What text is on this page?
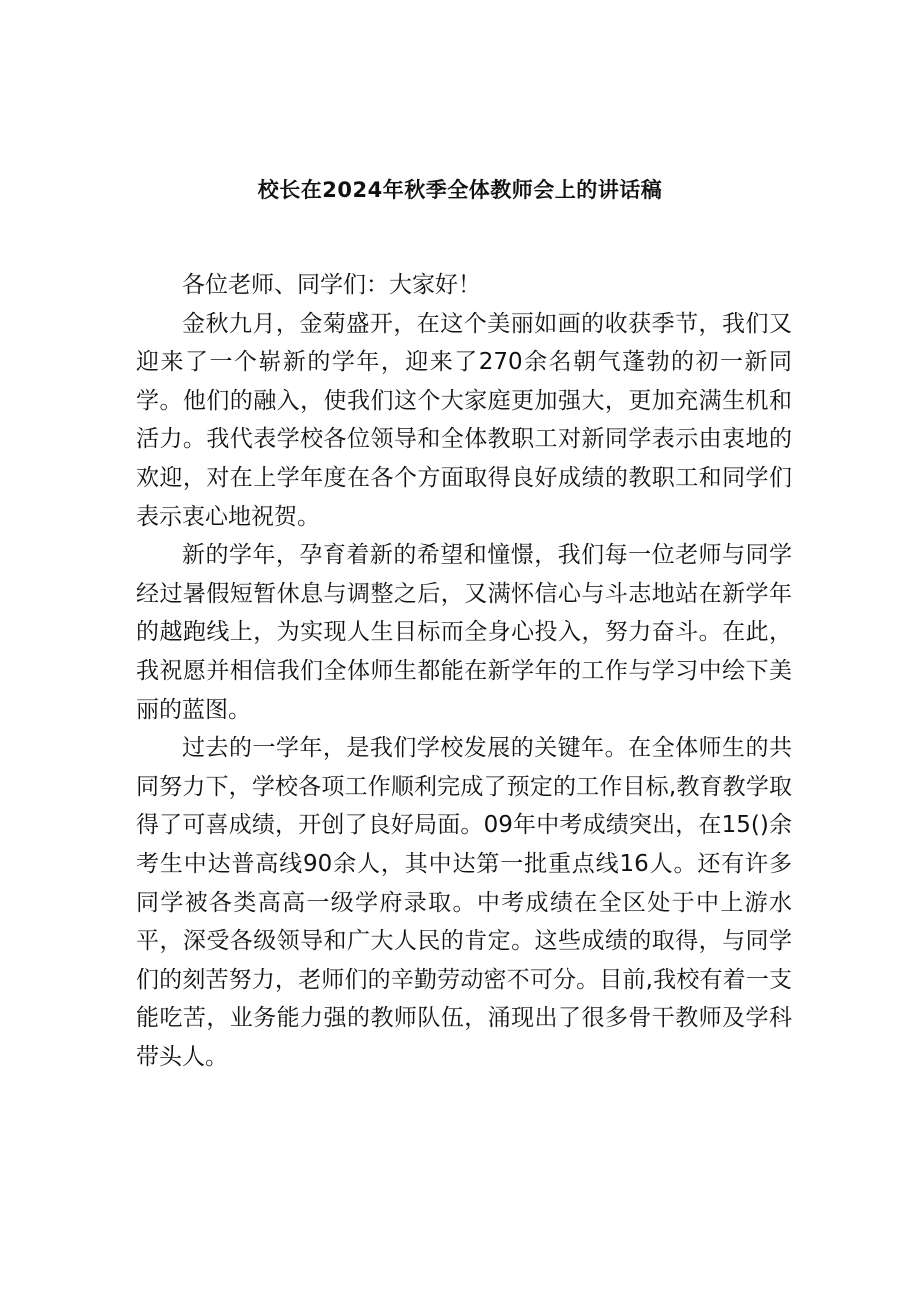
校长在2024年秋季全体教师会上的讲话稿

各位老师、同学们：大家好！

金秋九月，金菊盛开，在这个美丽如画的收获季节，我们又迎来了一个崭新的学年，迎来了270余名朝气蓬勃的初一新同学。他们的融入，使我们这个大家庭更加强大，更加充满生机和活力。我代表学校各位领导和全体教职工对新同学表示由衷地的欢迎，对在上学年度在各个方面取得良好成绩的教职工和同学们表示衷心地祝贺。

新的学年，孕育着新的希望和憧憬，我们每一位老师与同学经过暑假短暂休息与调整之后，又满怀信心与斗志地站在新学年的越跑线上，为实现人生目标而全身心投入，努力奋斗。在此，我祝愿并相信我们全体师生都能在新学年的工作与学习中绘下美丽的蓝图。

过去的一学年，是我们学校发展的关键年。在全体师生的共同努力下，学校各项工作顺利完成了预定的工作目标,教育教学取得了可喜成绩，开创了良好局面。09年中考成绩突出，在15()余考生中达普高线90余人，其中达第一批重点线16人。还有许多同学被各类高高一级学府录取。中考成绩在全区处于中上游水平，深受各级领导和广大人民的肯定。这些成绩的取得，与同学们的刻苦努力，老师们的辛勤劳动密不可分。目前,我校有着一支能吃苦，业务能力强的教师队伍，涌现出了很多骨干教师及学科带头人。
